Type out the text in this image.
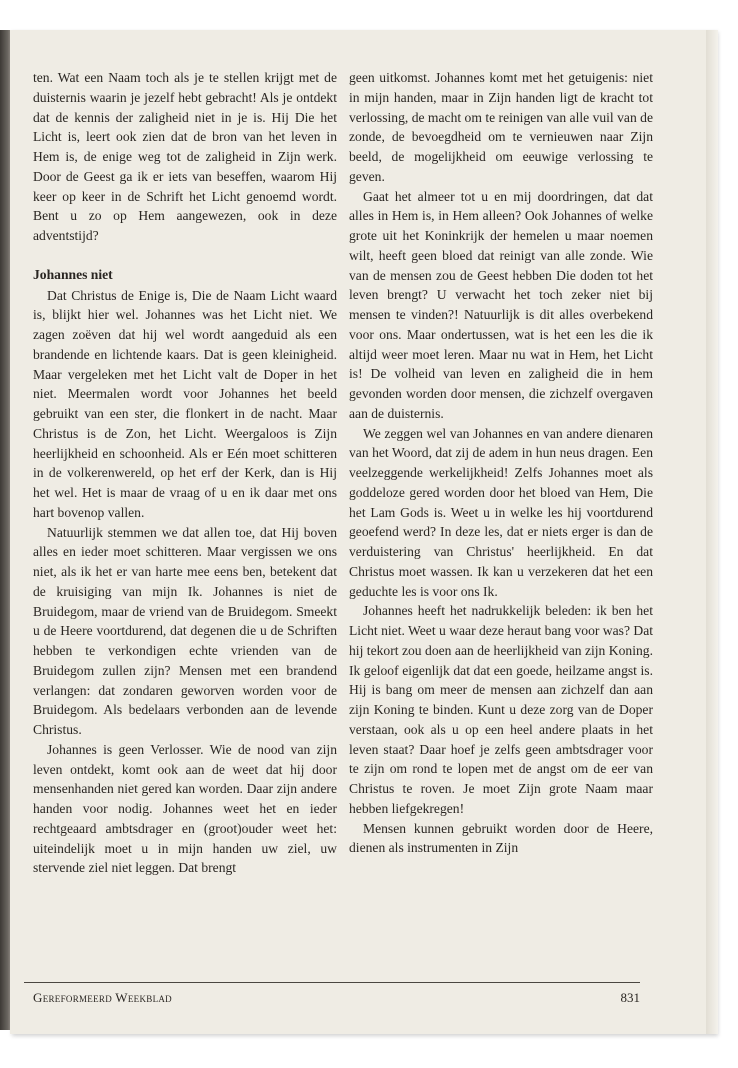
ten. Wat een Naam toch als je te stellen krijgt met de duisternis waarin je jezelf hebt gebracht! Als je ontdekt dat de kennis der zaligheid niet in je is. Hij Die het Licht is, leert ook zien dat de bron van het leven in Hem is, de enige weg tot de zaligheid in Zijn werk. Door de Geest ga ik er iets van beseffen, waarom Hij keer op keer in de Schrift het Licht genoemd wordt. Bent u zo op Hem aangewezen, ook in deze adventstijd?

Johannes niet

Dat Christus de Enige is, Die de Naam Licht waard is, blijkt hier wel. Johannes was het Licht niet. We zagen zoëven dat hij wel wordt aangeduid als een brandende en lichtende kaars. Dat is geen kleinigheid. Maar vergeleken met het Licht valt de Doper in het niet. Meermalen wordt voor Johannes het beeld gebruikt van een ster, die flonkert in de nacht. Maar Christus is de Zon, het Licht. Weergaloos is Zijn heerlijkheid en schoonheid. Als er Eén moet schitteren in de volkerenwereld, op het erf der Kerk, dan is Hij het wel. Het is maar de vraag of u en ik daar met ons hart bovenop vallen.

Natuurlijk stemmen we dat allen toe, dat Hij boven alles en ieder moet schitteren. Maar vergissen we ons niet, als ik het er van harte mee eens ben, betekent dat de kruisiging van mijn Ik. Johannes is niet de Bruidegom, maar de vriend van de Bruidegom. Smeekt u de Heere voortdurend, dat degenen die u de Schriften hebben te verkondigen echte vrienden van de Bruidegom zullen zijn? Mensen met een brandend verlangen: dat zondaren geworven worden voor de Bruidegom. Als bedelaars verbonden aan de levende Christus.

Johannes is geen Verlosser. Wie de nood van zijn leven ontdekt, komt ook aan de weet dat hij door mensenhanden niet gered kan worden. Daar zijn andere handen voor nodig. Johannes weet het en ieder rechtgeaard ambtsdrager en (groot)ouder weet het: uiteindelijk moet u in mijn handen uw ziel, uw stervende ziel niet leggen. Dat brengt

geen uitkomst. Johannes komt met het getuigenis: niet in mijn handen, maar in Zijn handen ligt de kracht tot verlossing, de macht om te reinigen van alle vuil van de zonde, de bevoegdheid om te vernieuwen naar Zijn beeld, de mogelijkheid om eeuwige verlossing te geven.

Gaat het almeer tot u en mij doordringen, dat dat alles in Hem is, in Hem alleen? Ook Johannes of welke grote uit het Koninkrijk der hemelen u maar noemen wilt, heeft geen bloed dat reinigt van alle zonde. Wie van de mensen zou de Geest hebben Die doden tot het leven brengt? U verwacht het toch zeker niet bij mensen te vinden?! Natuurlijk is dit alles overbekend voor ons. Maar ondertussen, wat is het een les die ik altijd weer moet leren. Maar nu wat in Hem, het Licht is! De volheid van leven en zaligheid die in hem gevonden worden door mensen, die zichzelf overgaven aan de duisternis.

We zeggen wel van Johannes en van andere dienaren van het Woord, dat zij de adem in hun neus dragen. Een veelzeggende werkelijkheid! Zelfs Johannes moet als goddeloze gered worden door het bloed van Hem, Die het Lam Gods is. Weet u in welke les hij voortdurend geoefend werd? In deze les, dat er niets erger is dan de verduistering van Christus' heerlijkheid. En dat Christus moet wassen. Ik kan u verzekeren dat het een geduchte les is voor ons Ik.

Johannes heeft het nadrukkelijk beleden: ik ben het Licht niet. Weet u waar deze heraut bang voor was? Dat hij tekort zou doen aan de heerlijkheid van zijn Koning. Ik geloof eigenlijk dat dat een goede, heilzame angst is. Hij is bang om meer de mensen aan zichzelf dan aan zijn Koning te binden. Kunt u deze zorg van de Doper verstaan, ook als u op een heel andere plaats in het leven staat? Daar hoef je zelfs geen ambtsdrager voor te zijn om rond te lopen met de angst om de eer van Christus te roven. Je moet Zijn grote Naam maar hebben liefgekregen!

Mensen kunnen gebruikt worden door de Heere, dienen als instrumenten in Zijn

Gereformeerd Weekblad	831
